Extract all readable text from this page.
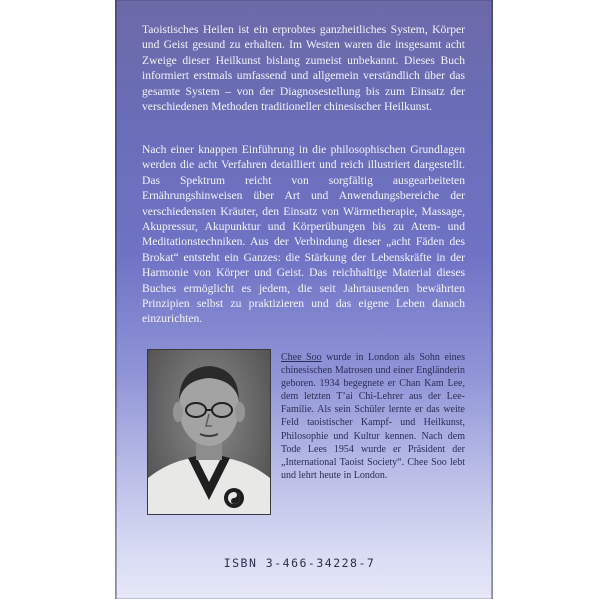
Taoistisches Heilen ist ein erprobtes ganzheitliches System, Körper und Geist gesund zu erhalten. Im Westen waren die insgesamt acht Zweige dieser Heilkunst bislang zumeist unbekannt. Dieses Buch informiert erstmals umfassend und allgemein verständlich über das gesamte System – von der Diagnosestellung bis zum Einsatz der verschiedenen Methoden traditioneller chinesischer Heilkunst.

Nach einer knappen Einführung in die philosophischen Grundlagen werden die acht Verfahren detailliert und reich illustriert dargestellt. Das Spektrum reicht von sorgfältig ausgearbeiteten Ernährungshinweisen über Art und Anwendungsbereiche der verschiedensten Kräuter, den Einsatz von Wärmetherapie, Massage, Akupressur, Akupunktur und Körperübungen bis zu Atem- und Meditationstechniken. Aus der Verbindung dieser „acht Fäden des Brokat“ entsteht ein Ganzes: die Stärkung der Lebenskräfte in der Harmonie von Körper und Geist. Das reichhaltige Material dieses Buches ermöglicht es jedem, die seit Jahrtausenden bewährten Prinzipien selbst zu praktizieren und das eigene Leben danach einzurichten.

Chee Soo wurde in London als Sohn eines chinesischen Matrosen und einer Engländerin geboren. 1934 begegnete er Chan Kam Lee, dem letzten T’ai Chi-Lehrer aus der Lee- Familie. Als sein Schüler lernte er das weite Feld taoistischer Kampf- und Heilkunst, Philosophie und Kultur kennen. Nach dem Tode Lees 1954 wurde er Präsident der „International Taoist Society“. Chee Soo lebt und lehrt heute in London.

ISBN 3-466-34228-7
